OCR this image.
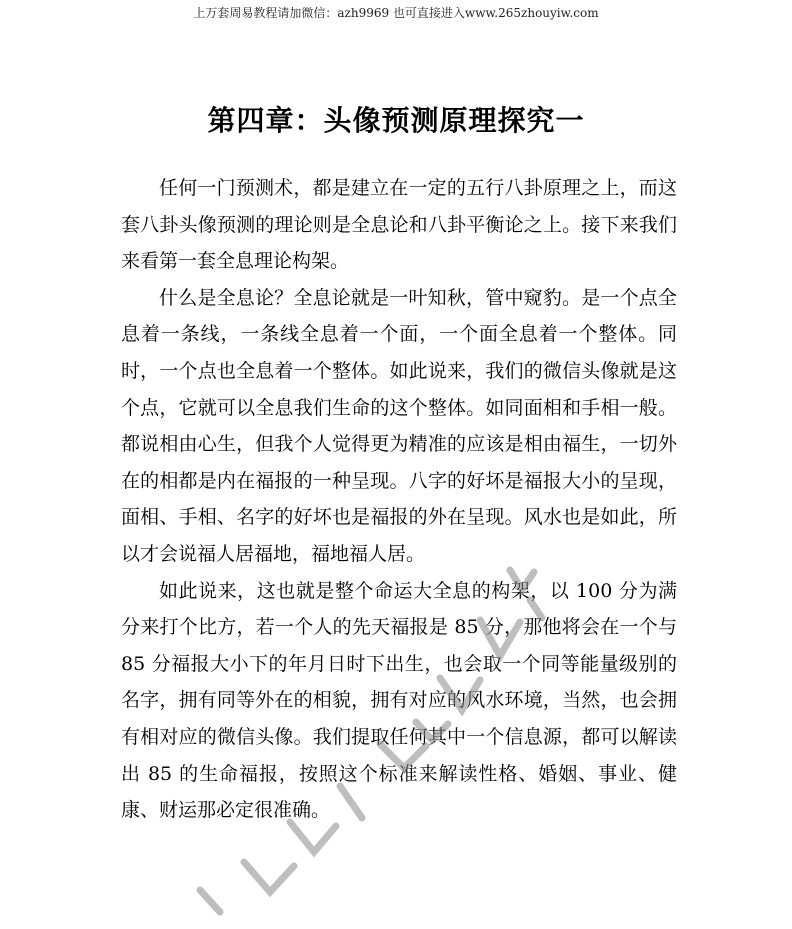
上万套周易教程请加微信：azh9969 也可直接进入www.265zhouyiw.com
第四章：头像预测原理探究一

任何一门预测术，都是建立在一定的五行八卦原理之上，而这套八卦头像预测的理论则是全息论和八卦平衡论之上。接下来我们来看第一套全息理论构架。

什么是全息论？全息论就是一叶知秋，管中窥豹。是一个点全息着一条线，一条线全息着一个面，一个面全息着一个整体。同时，一个点也全息着一个整体。如此说来，我们的微信头像就是这个点，它就可以全息我们生命的这个整体。如同面相和手相一般。都说相由心生，但我个人觉得更为精准的应该是相由福生，一切外在的相都是内在福报的一种呈现。八字的好坏是福报大小的呈现，面相、手相、名字的好坏也是福报的外在呈现。风水也是如此，所以才会说福人居福地，福地福人居。

如此说来，这也就是整个命运大全息的构架，以 100 分为满分来打个比方，若一个人的先天福报是 85 分，那他将会在一个与 85 分福报大小下的年月日时下出生，也会取一个同等能量级别的名字，拥有同等外在的相貌，拥有对应的风水环境，当然，也会拥有相对应的微信头像。我们提取任何其中一个信息源，都可以解读出 85 的生命福报，按照这个标准来解读性格、婚姻、事业、健康、财运那必定很准确。
